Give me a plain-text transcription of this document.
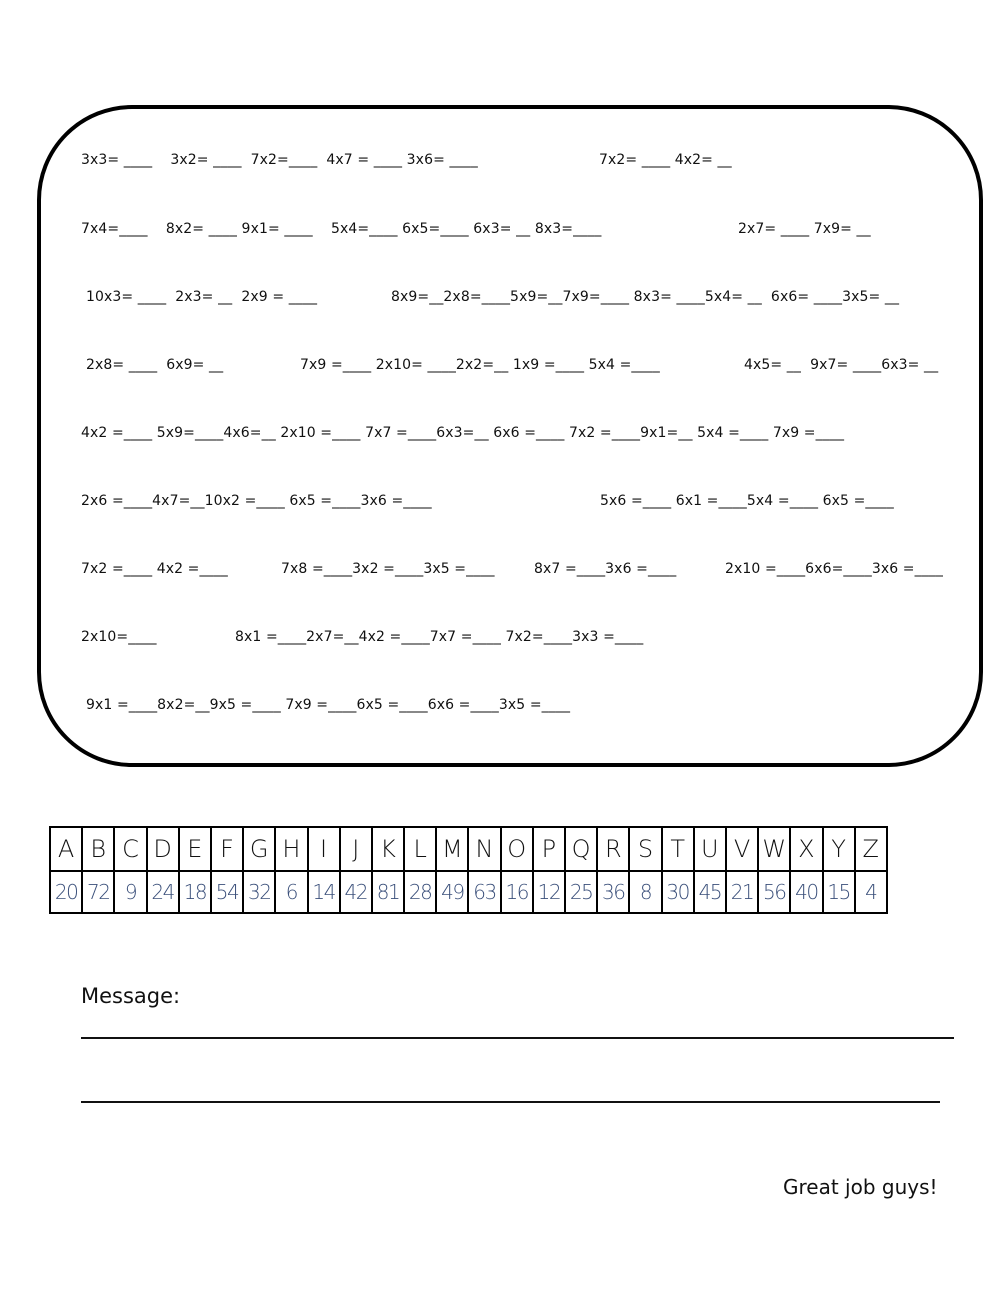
3x3= ____    3x2= ____  7x2=____  4x7 = ____ 3x6= ____

	7x2= ____ 4x2= __

7x4=____    8x2= ____ 9x1= ____    5x4=____ 6x5=____ 6x3= __ 8x3=____

	2x7= ____ 7x9= __

10x3= ____  2x3= __  2x9 = ____

	8x9=__2x8=____5x9=__7x9=____ 8x3= ____5x4= __  6x6= ____3x5= __

2x8= ____  6x9= __

	7x9 =____ 2x10= ____2x2=__ 1x9 =____ 5x4 =____

	4x5= __  9x7= ____6x3= __

4x2 =____ 5x9=____4x6=__ 2x10 =____ 7x7 =____6x3=__ 6x6 =____ 7x2 =____9x1=__ 5x4 =____ 7x9 =____

2x6 =____4x7=__10x2 =____ 6x5 =____3x6 =____

	5x6 =____ 6x1 =____5x4 =____ 6x5 =____

7x2 =____ 4x2 =____

	7x8 =____3x2 =____3x5 =____

	8x7 =____3x6 =____

	2x10 =____6x6=____3x6 =____

2x10=____

	8x1 =____2x7=__4x2 =____7x7 =____ 7x2=____3x3 =____

9x1 =____8x2=__9x5 =____ 7x9 =____6x5 =____6x6 =____3x5 =____

A	B	C	D	E	F	G	H	I	J	K	L	M	N	O	P	Q	R	S	T	U	V	W	X	Y	Z
20	72	9	24	18	54	32	6	14	42	81	28	49	63	16	12	25	36	8	30	45	21	56	40	15	4
Message:
Great job guys!
